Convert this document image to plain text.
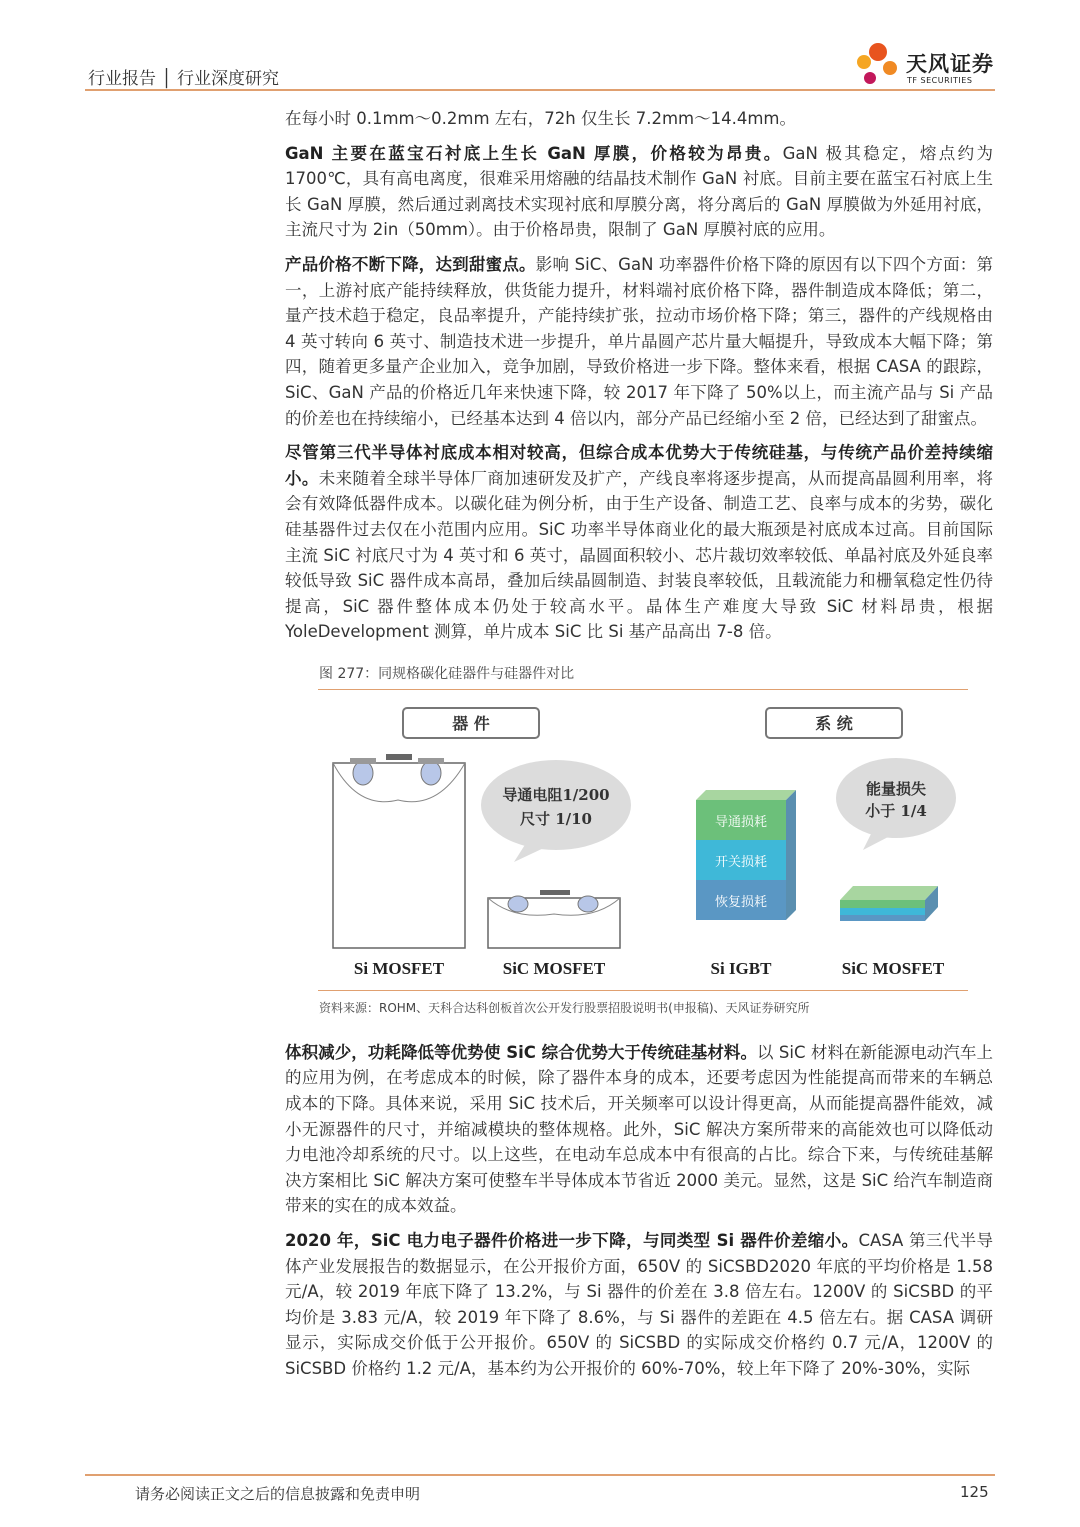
行业报告 │ 行业深度研究
天风证券
TF SECURITIES

在每小时 0.1mm～0.2mm 左右，72h 仅生长 7.2mm～14.4mm。

GaN 主要在蓝宝石衬底上生长 GaN 厚膜，价格较为昂贵。GaN 极其稳定，熔点约为 1700℃，具有高电离度，很难采用熔融的结晶技术制作 GaN 衬底。目前主要在蓝宝石衬底上生长 GaN 厚膜，然后通过剥离技术实现衬底和厚膜分离，将分离后的 GaN 厚膜做为外延用衬底，主流尺寸为 2in（50mm）。由于价格昂贵，限制了 GaN 厚膜衬底的应用。

产品价格不断下降，达到甜蜜点。影响 SiC、GaN 功率器件价格下降的原因有以下四个方面：第一，上游衬底产能持续释放，供货能力提升，材料端衬底价格下降，器件制造成本降低；第二，量产技术趋于稳定，良品率提升，产能持续扩张，拉动市场价格下降；第三，器件的产线规格由 4 英寸转向 6 英寸、制造技术进一步提升，单片晶圆产芯片量大幅提升，导致成本大幅下降；第四，随着更多量产企业加入，竞争加剧，导致价格进一步下降。整体来看，根据 CASA 的跟踪，SiC、GaN 产品的价格近几年来快速下降，较 2017 年下降了 50%以上，而主流产品与 Si 产品的价差也在持续缩小，已经基本达到 4 倍以内，部分产品已经缩小至 2 倍，已经达到了甜蜜点。

尽管第三代半导体衬底成本相对较高，但综合成本优势大于传统硅基，与传统产品价差持续缩小。未来随着全球半导体厂商加速研发及扩产，产线良率将逐步提高，从而提高晶圆利用率，将会有效降低器件成本。以碳化硅为例分析，由于生产设备、制造工艺、良率与成本的劣势，碳化硅基器件过去仅在小范围内应用。SiC 功率半导体商业化的最大瓶颈是衬底成本过高。目前国际主流 SiC 衬底尺寸为 4 英寸和 6 英寸，晶圆面积较小、芯片裁切效率较低、单晶衬底及外延良率较低导致 SiC 器件成本高昂，叠加后续晶圆制造、封装良率较低，且载流能力和栅氧稳定性仍待提高，SiC 器件整体成本仍处于较高水平。晶体生产难度大导致 SiC 材料昂贵，根据 YoleDevelopment 测算，单片成本 SiC 比 Si 基产品高出 7-8 倍。

图 277：同规格碳化硅器件与硅器件对比
器 件	系 统
导通电阻1/200
尺寸 1/10	导通损耗
开关损耗
恢复损耗
能量损失
小于 1/4
Si MOSFET	SiC MOSFET	Si IGBT	SiC MOSFET
资料来源：ROHM、天科合达科创板首次公开发行股票招股说明书(申报稿)、天风证券研究所

体积减少，功耗降低等优势使 SiC 综合优势大于传统硅基材料。以 SiC 材料在新能源电动汽车上的应用为例，在考虑成本的时候，除了器件本身的成本，还要考虑因为性能提高而带来的车辆总成本的下降。具体来说，采用 SiC 技术后，开关频率可以设计得更高，从而能提高器件能效，减小无源器件的尺寸，并缩减模块的整体规格。此外，SiC 解决方案所带来的高能效也可以降低动力电池冷却系统的尺寸。以上这些，在电动车总成本中有很高的占比。综合下来，与传统硅基解决方案相比 SiC 解决方案可使整车半导体成本节省近 2000 美元。显然，这是 SiC 给汽车制造商带来的实在的成本效益。

2020 年，SiC 电力电子器件价格进一步下降，与同类型 Si 器件价差缩小。CASA 第三代半导体产业发展报告的数据显示，在公开报价方面，650V 的 SiCSBD2020 年底的平均价格是 1.58 元/A，较 2019 年底下降了 13.2%，与 Si 器件的价差在 3.8 倍左右。1200V 的 SiCSBD 的平均价是 3.83 元/A，较 2019 年下降了 8.6%，与 Si 器件的差距在 4.5 倍左右。据 CASA 调研显示，实际成交价低于公开报价。650V 的 SiCSBD 的实际成交价格约 0.7 元/A，1200V 的 SiCSBD 价格约 1.2 元/A，基本约为公开报价的 60%-70%，较上年下降了 20%-30%，实际

请务必阅读正文之后的信息披露和免责申明	125
